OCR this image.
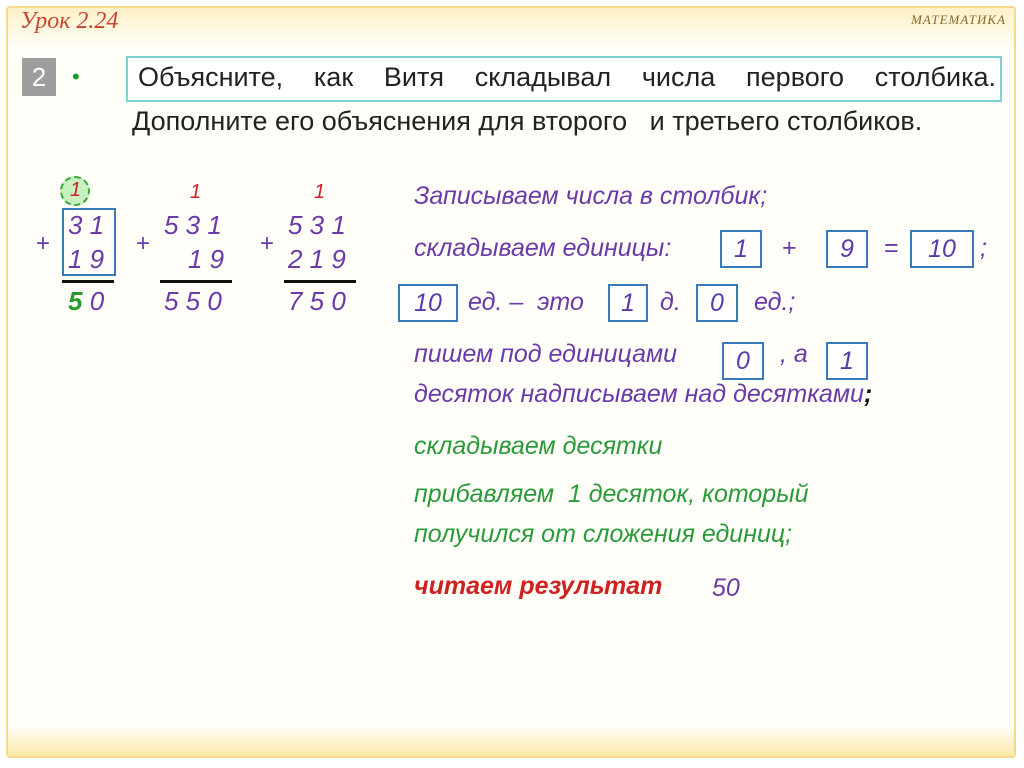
Урок 2.24	МАТЕМАТИКА
2	• Объясните, как Витя складывал числа первого столбика.
Дополните его объяснения для второго   и третьего столбиков.
1
+
3 1
1 9
5 0
1
+
5 3 1
1 9
5 5 0
1
+
5 3 1
2 1 9
7 5 0
Записываем числа в столбик;
складываем единицы:	1	+	9	=	10 ;
10	ед. –  это	1	д.	0	ед.;
пишем под единицами	0	, а	1
десяток надписываем над десятками;
складываем десятки
прибавляем  1 десяток, который
получился от сложения единиц;
читаем результат 50
